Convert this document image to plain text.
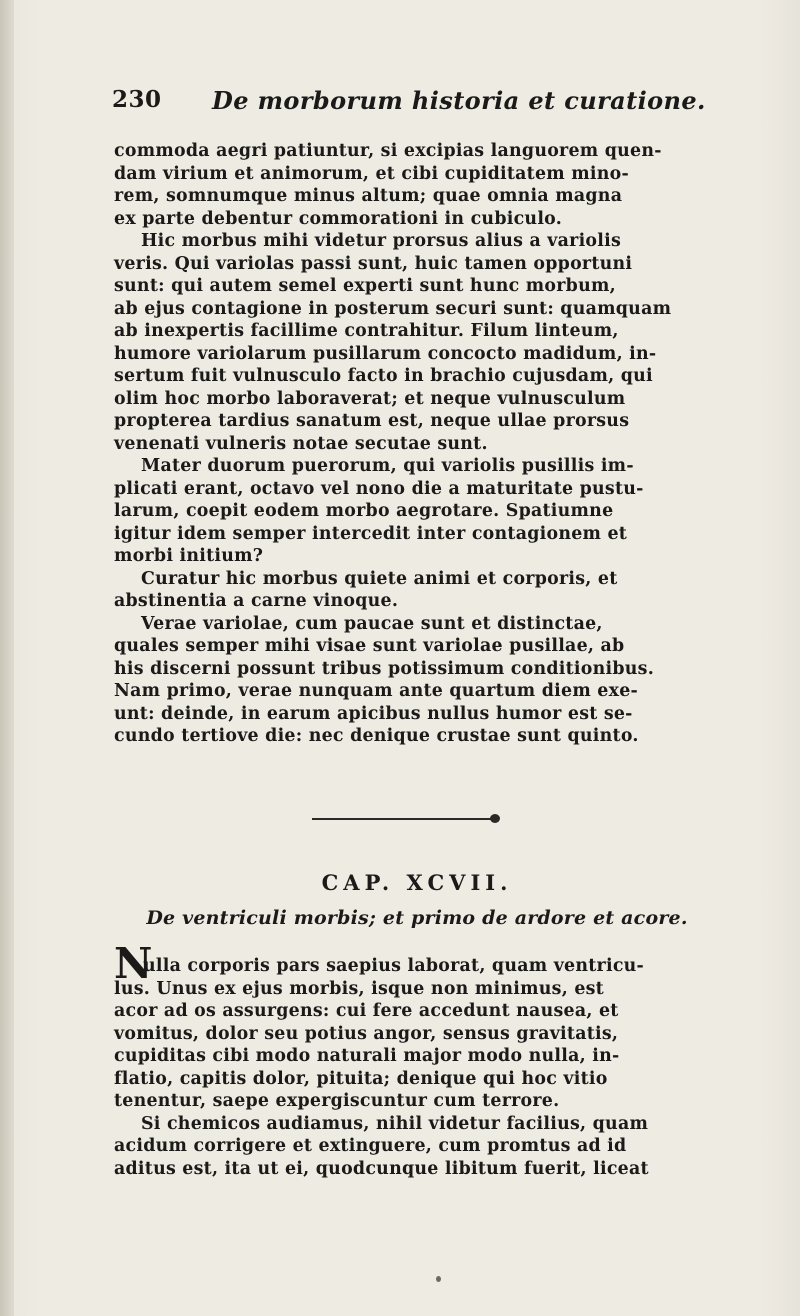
230 De morborum historia et curatione.
commoda aegri patiuntur, si excipias languorem quen-
dam virium et animorum, et cibi cupiditatem mino-
rem, somnumque minus altum; quae omnia magna
ex parte debentur commorationi in cubiculo.
Hic morbus mihi videtur prorsus alius a variolis
veris. Qui variolas passi sunt, huic tamen opportuni
sunt: qui autem semel experti sunt hunc morbum,
ab ejus contagione in posterum securi sunt: quamquam
ab inexpertis facillime contrahitur. Filum linteum,
humore variolarum pusillarum concocto madidum, in-
sertum fuit vulnusculo facto in brachio cujusdam, qui
olim hoc morbo laboraverat; et neque vulnusculum
propterea tardius sanatum est, neque ullae prorsus
venenati vulneris notae secutae sunt.
Mater duorum puerorum, qui variolis pusillis im-
plicati erant, octavo vel nono die a maturitate pustu-
larum, coepit eodem morbo aegrotare. Spatiumne
igitur idem semper intercedit inter contagionem et
morbi initium?
Curatur hic morbus quiete animi et corporis, et
abstinentia a carne vinoque.
Verae variolae, cum paucae sunt et distinctae,
quales semper mihi visae sunt variolae pusillae, ab
his discerni possunt tribus potissimum conditionibus.
Nam primo, verae nunquam ante quartum diem exe-
unt: deinde, in earum apicibus nullus humor est se-
cundo tertiove die: nec denique crustae sunt quinto.
CAP. XCVII.
De ventriculi morbis; et primo de ardore et acore.
N
ulla corporis pars saepius laborat, quam ventricu-
lus. Unus ex ejus morbis, isque non minimus, est
acor ad os assurgens: cui fere accedunt nausea, et
vomitus, dolor seu potius angor, sensus gravitatis,
cupiditas cibi modo naturali major modo nulla, in-
flatio, capitis dolor, pituita; denique qui hoc vitio
tenentur, saepe expergiscuntur cum terrore.
Si chemicos audiamus, nihil videtur facilius, quam
acidum corrigere et extinguere, cum promtus ad id
aditus est, ita ut ei, quodcunque libitum fuerit, liceat
